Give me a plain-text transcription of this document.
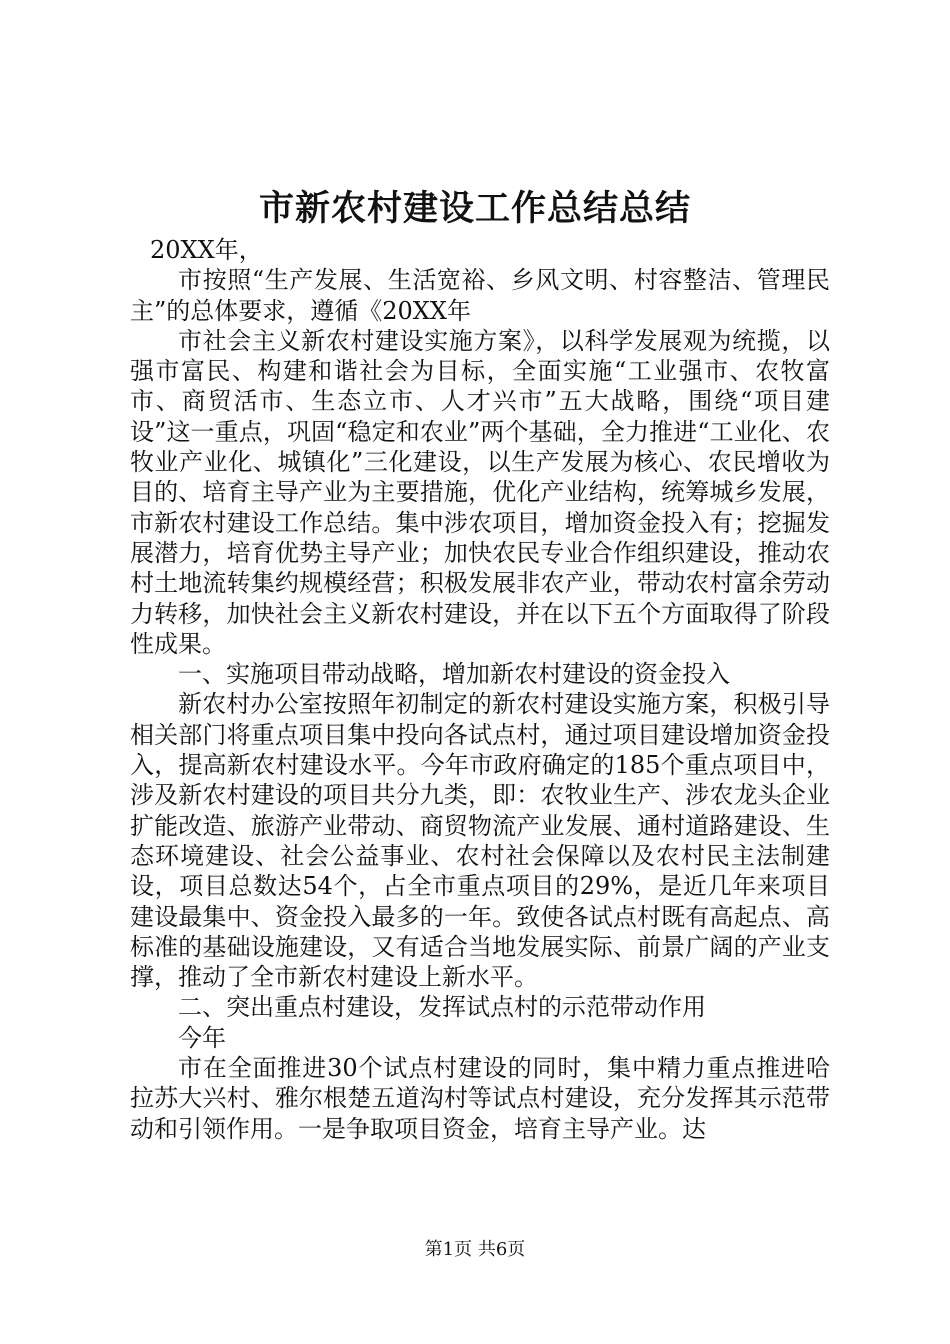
市新农村建设工作总结总结

20XX年，

市按照“生产发展、生活宽裕、乡风文明、村容整洁、管理民主”的总体要求，遵循《20XX年

市社会主义新农村建设实施方案》，以科学发展观为统揽，以强市富民、构建和谐社会为目标，全面实施“工业强市、农牧富市、商贸活市、生态立市、人才兴市”五大战略，围绕“项目建设”这一重点，巩固“稳定和农业”两个基础，全力推进“工业化、农牧业产业化、城镇化”三化建设，以生产发展为核心、农民增收为目的、培育主导产业为主要措施，优化产业结构，统筹城乡发展，市新农村建设工作总结。集中涉农项目，增加资金投入有；挖掘发展潜力，培育优势主导产业；加快农民专业合作组织建设，推动农村土地流转集约规模经营；积极发展非农产业，带动农村富余劳动力转移，加快社会主义新农村建设，并在以下五个方面取得了阶段性成果。

一、实施项目带动战略，增加新农村建设的资金投入

新农村办公室按照年初制定的新农村建设实施方案，积极引导相关部门将重点项目集中投向各试点村，通过项目建设增加资金投入，提高新农村建设水平。今年市政府确定的185个重点项目中，涉及新农村建设的项目共分九类，即：农牧业生产、涉农龙头企业扩能改造、旅游产业带动、商贸物流产业发展、通村道路建设、生态环境建设、社会公益事业、农村社会保障以及农村民主法制建设，项目总数达54个，占全市重点项目的29%，是近几年来项目建设最集中、资金投入最多的一年。致使各试点村既有高起点、高标准的基础设施建设，又有适合当地发展实际、前景广阔的产业支撑，推动了全市新农村建设上新水平。

二、突出重点村建设，发挥试点村的示范带动作用

今年

市在全面推进30个试点村建设的同时，集中精力重点推进哈拉苏大兴村、雅尔根楚五道沟村等试点村建设，充分发挥其示范带动和引领作用。一是争取项目资金，培育主导产业。达

第1页 共6页
